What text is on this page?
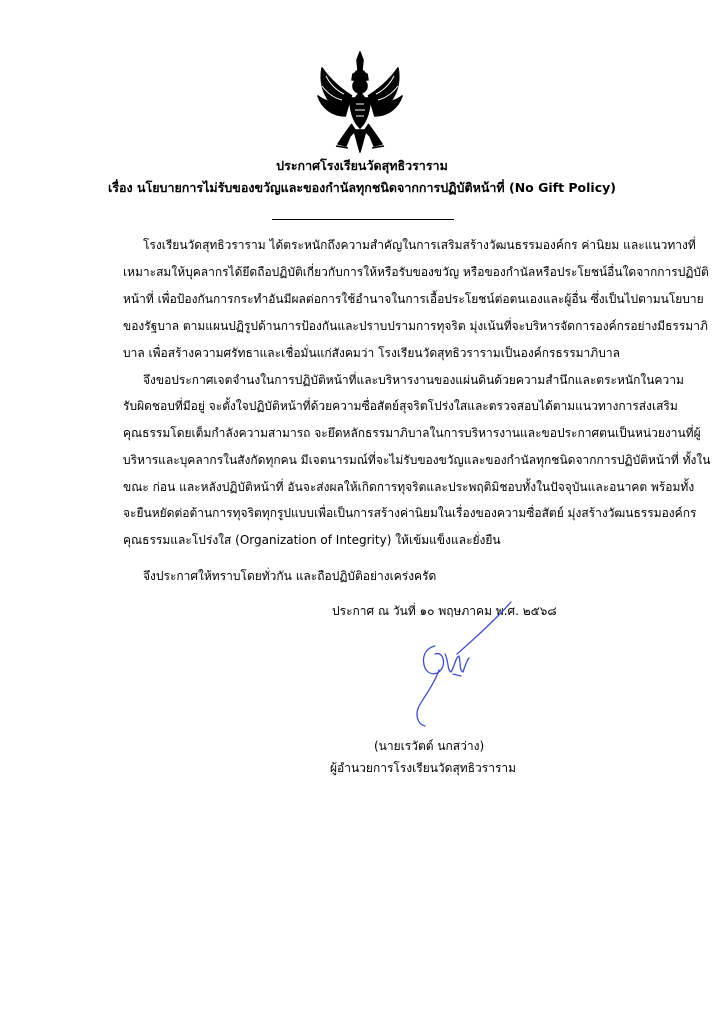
ประกาศโรงเรียนวัดสุทธิวราราม
เรื่อง นโยบายการไม่รับของขวัญและของกำนัลทุกชนิดจากการปฏิบัติหน้าที่ (No Gift Policy)
โรงเรียนวัดสุทธิวราราม ได้ตระหนักถึงความสำคัญในการเสริมสร้างวัฒนธรรมองค์กร ค่านิยม และแนวทางที่
เหมาะสมให้บุคลากรได้ยึดถือปฏิบัติเกี่ยวกับการให้หรือรับของขวัญ หรือของกำนัลหรือประโยชน์อื่นใดจากการปฏิบัติ
หน้าที่ เพื่อป้องกันการกระทำอันมีผลต่อการใช้อำนาจในการเอื้อประโยชน์ต่อตนเองและผู้อื่น ซึ่งเป็นไปตามนโยบาย
ของรัฐบาล ตามแผนปฏิรูปด้านการป้องกันและปราบปรามการทุจริต มุ่งเน้นที่จะบริหารจัดการองค์กรอย่างมีธรรมาภิ
บาล เพื่อสร้างความศรัทธาและเชื่อมั่นแก่สังคมว่า โรงเรียนวัดสุทธิวรารามเป็นองค์กรธรรมาภิบาล
จึงขอประกาศเจตจำนงในการปฏิบัติหน้าที่และบริหารงานของแผ่นดินด้วยความสำนึกและตระหนักในความ
รับผิดชอบที่มีอยู่ จะตั้งใจปฏิบัติหน้าที่ด้วยความซื่อสัตย์สุจริตโปร่งใสและตรวจสอบได้ตามแนวทางการส่งเสริม
คุณธรรมโดยเต็มกำลังความสามารถ จะยึดหลักธรรมาภิบาลในการบริหารงานและขอประกาศตนเป็นหน่วยงานที่ผู้
บริหารและบุคลากรในสังกัดทุกคน มีเจตนารมณ์ที่จะไม่รับของขวัญและของกำนัลทุกชนิดจากการปฏิบัติหน้าที่ ทั้งใน
ขณะ ก่อน และหลังปฏิบัติหน้าที่ อันจะส่งผลให้เกิดการทุจริตและประพฤติมิชอบทั้งในปัจจุบันและอนาคต พร้อมทั้ง
จะยืนหยัดต่อต้านการทุจริตทุกรูปแบบเพื่อเป็นการสร้างค่านิยมในเรื่องของความซื่อสัตย์ มุ่งสร้างวัฒนธรรมองค์กร
คุณธรรมและโปร่งใส (Organization of Integrity) ให้เข้มแข็งและยั่งยืน
จึงประกาศให้ทราบโดยทั่วกัน และถือปฏิบัติอย่างเคร่งครัด
ประกาศ ณ วันที่ ๑๐ พฤษภาคม พ.ศ. ๒๕๖๘
(นายเรวัตต์ นกสว่าง)
ผู้อำนวยการโรงเรียนวัดสุทธิวราราม
